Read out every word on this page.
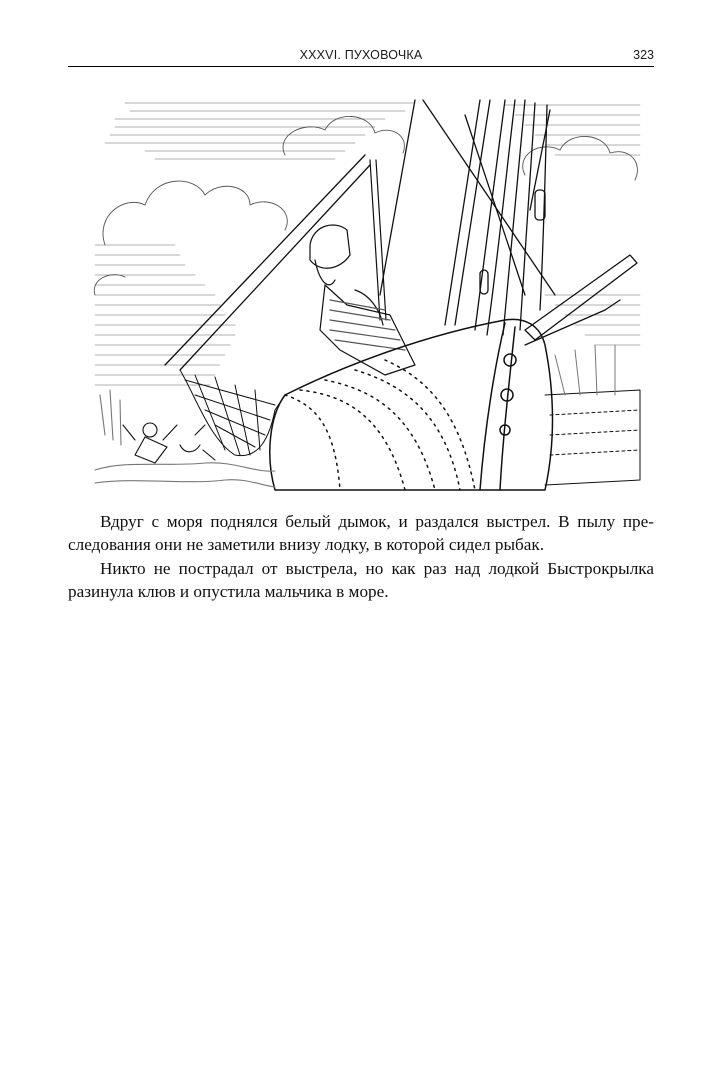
XXXVI. ПУХОВОЧКА	323

Вдруг с моря поднялся белый дымок, и раздался выстрел. В пылу пре-
следования они не заметили внизу лодку, в которой сидел рыбак.

Никто не пострадал от выстрела, но как раз над лодкой Быстрокрылка
разинула клюв и опустила мальчика в море.
